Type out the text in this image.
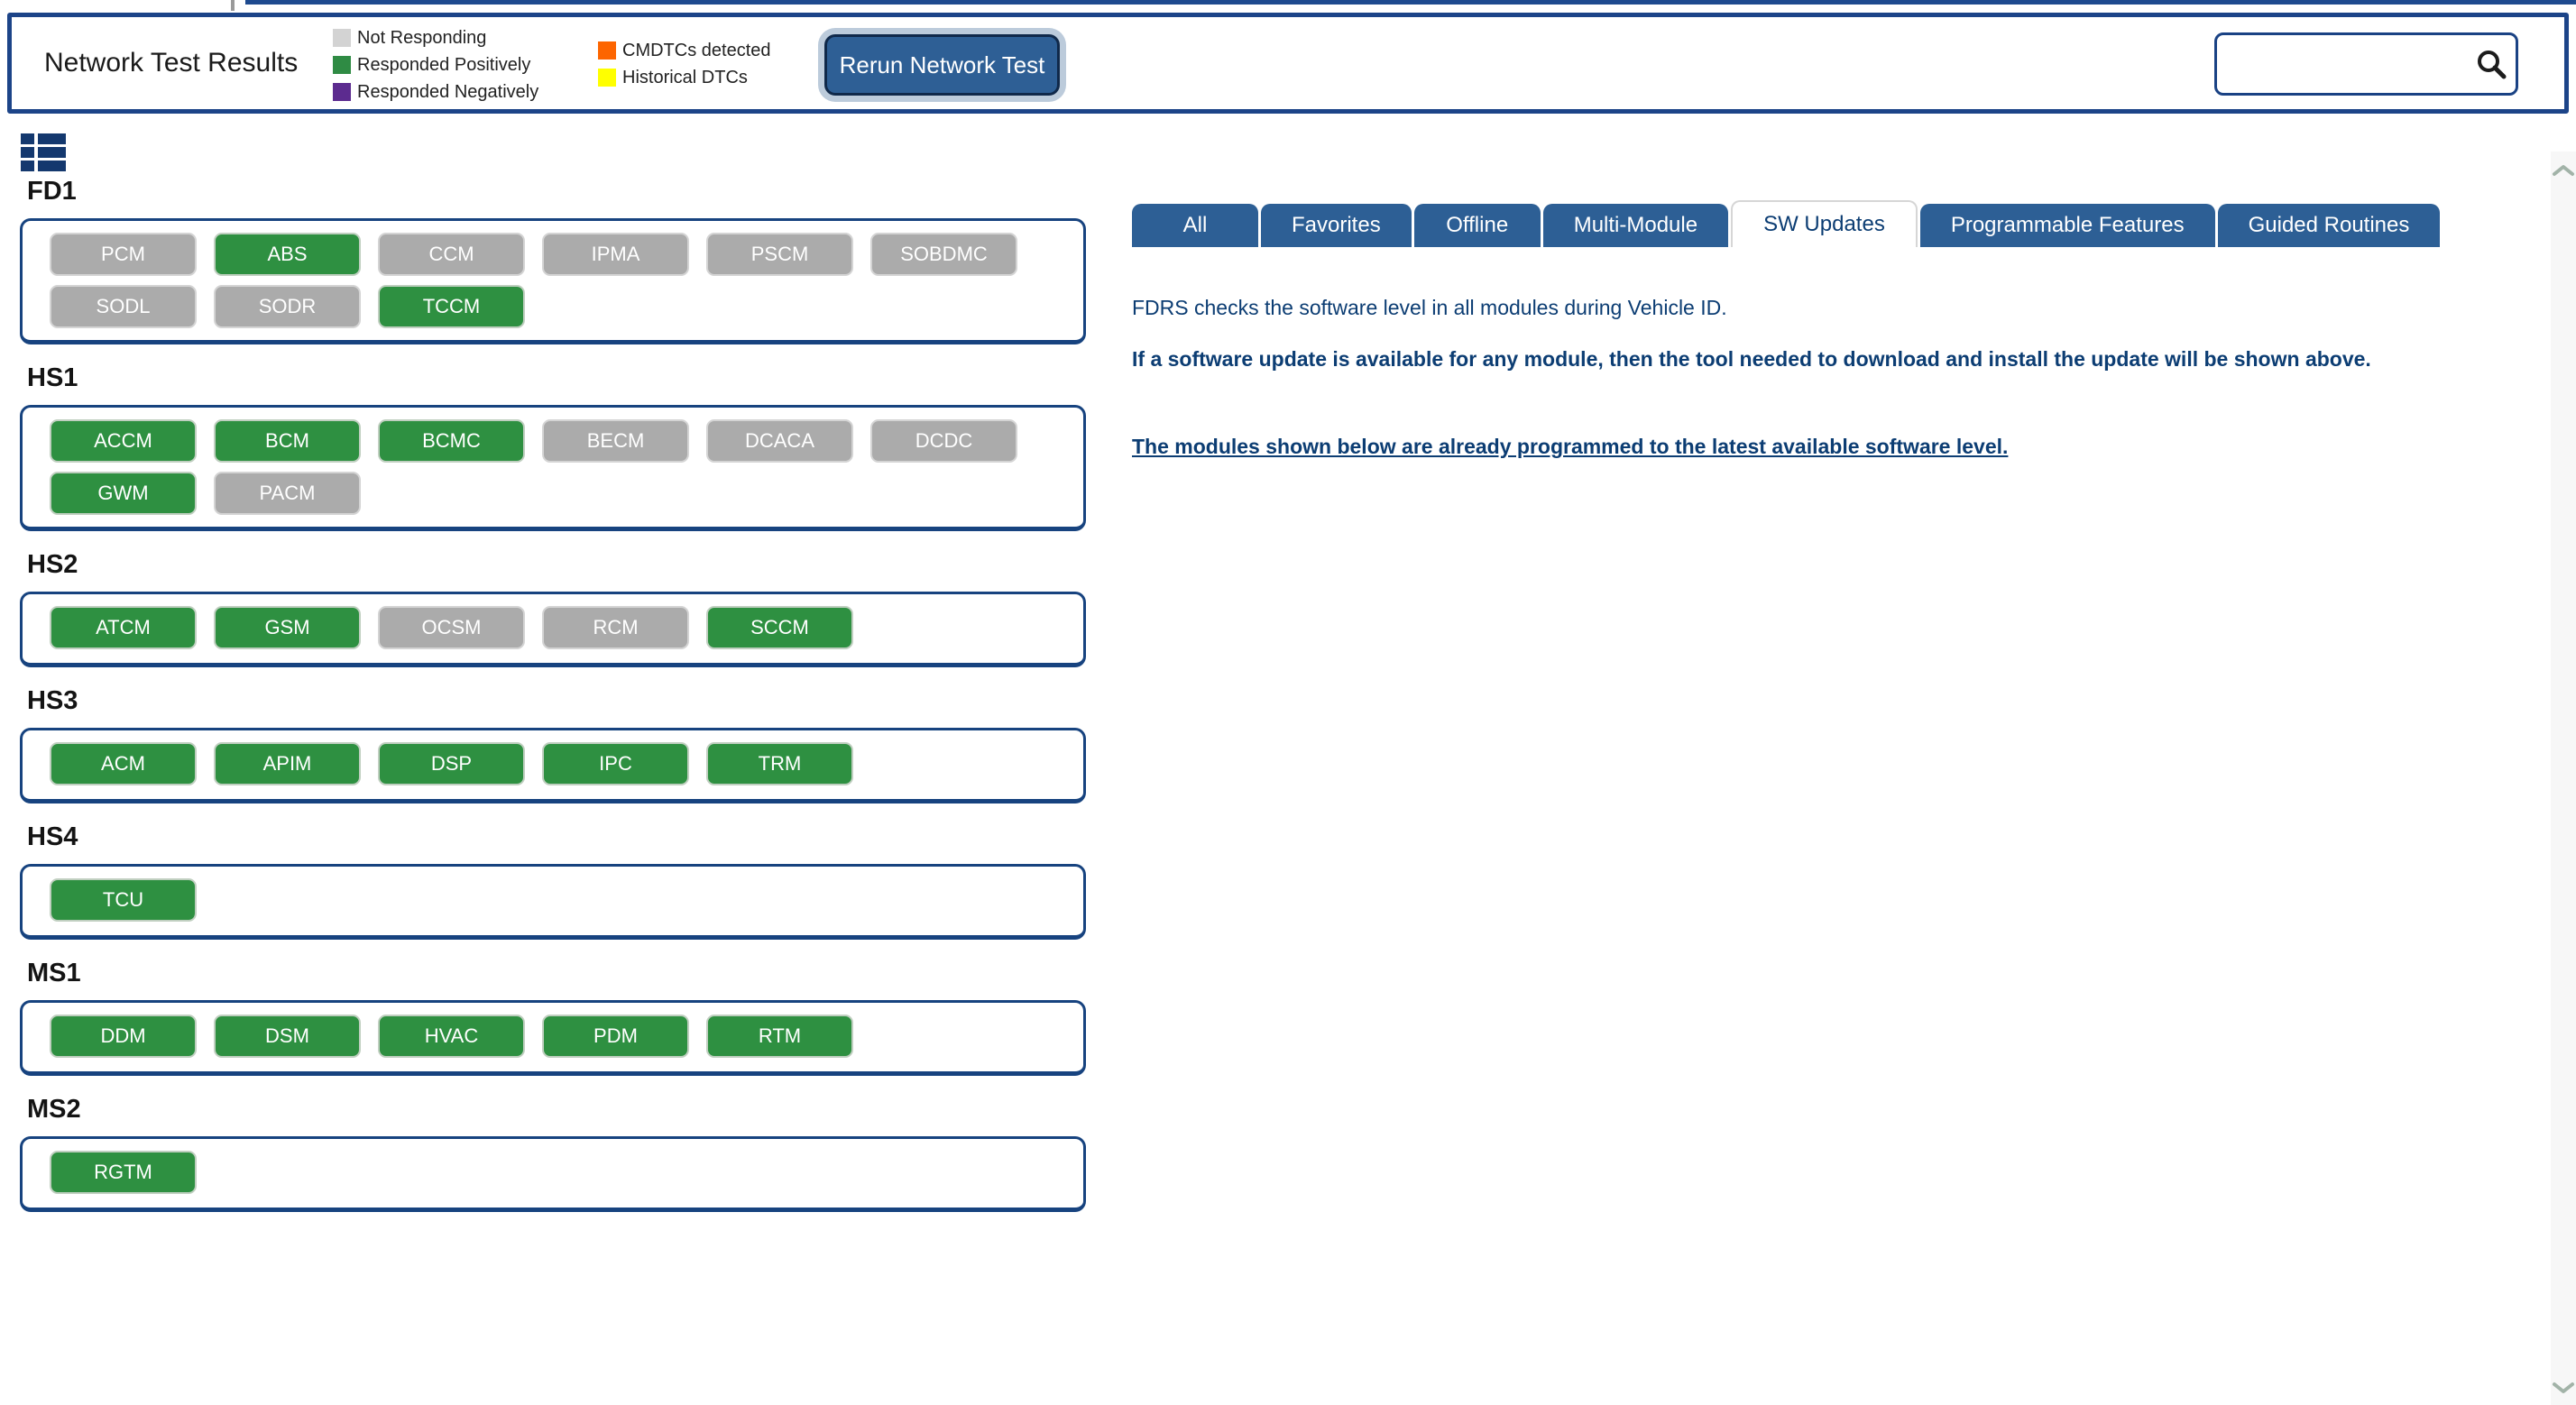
Network Test Results
Not Responding
Responded Positively
Responded Negatively
CMDTCs detected
Historical DTCs	Rerun Network Test
FD1
PCM	ABS	CCM	IPMA	PSCM	SOBDMC
SODL	SODR	TCCM
HS1
ACCM	BCM	BCMC	BECM	DCACA	DCDC
GWM	PACM
HS2
ATCM	GSM	OCSM	RCM	SCCM
HS3
ACM	APIM	DSP	IPC	TRM
HS4
TCU
MS1
DDM	DSM	HVAC	PDM	RTM
MS2
RGTM
All	Favorites	Offline	Multi-Module	SW Updates	Programmable Features	Guided Routines

FDRS checks the software level in all modules during Vehicle ID.

If a software update is available for any module, then the tool needed to download and install the update will be shown above.

The modules shown below are already programmed to the latest available software level.
